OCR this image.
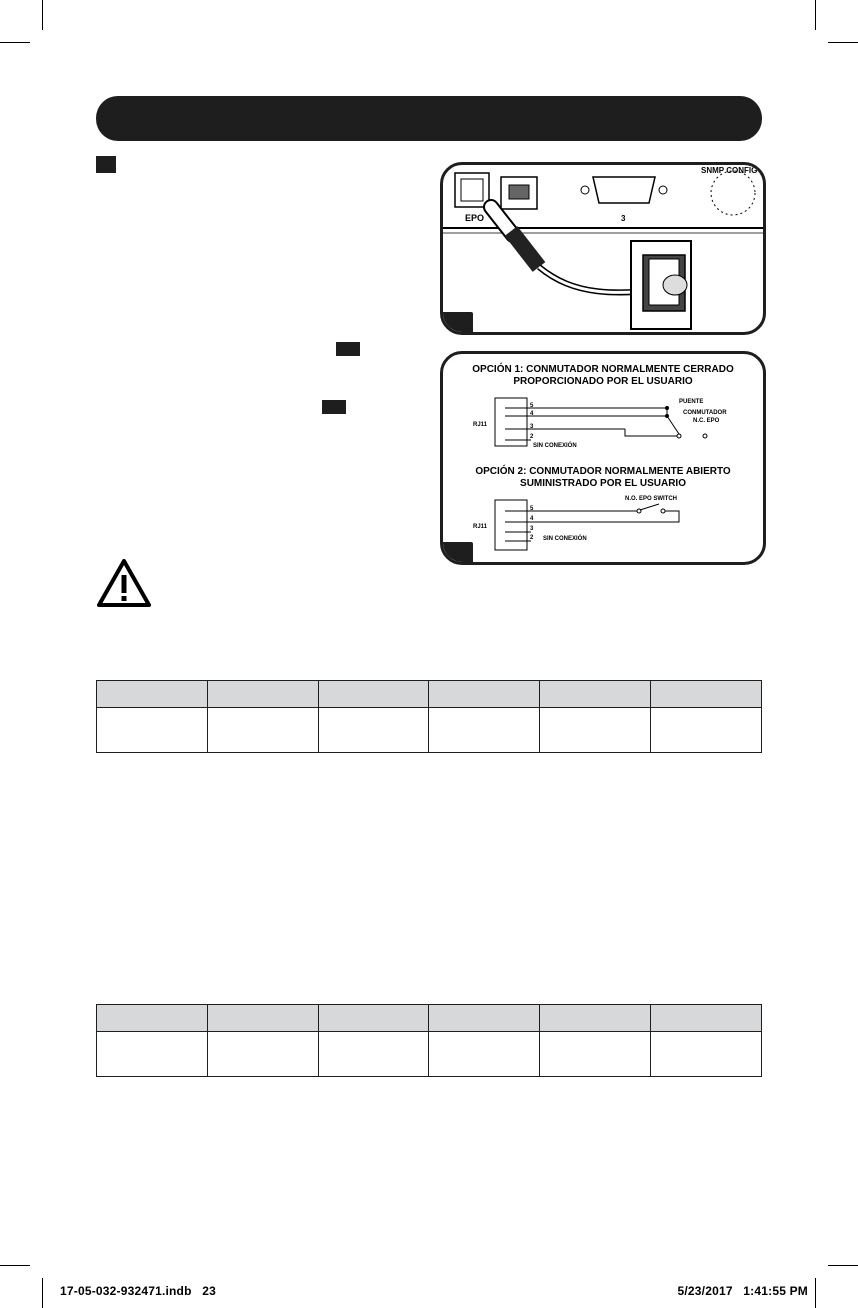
EPO	3
SNMP CONFIG
OPCIÓN 1: CONMUTADOR NORMALMENTE CERRADO
PROPORCIONADO POR EL USUARIO
RJ11
5
4
3
2
PUENTE
CONMUTADOR
N.C. EPO
SIN CONEXIÓN
OPCIÓN 2: CONMUTADOR NORMALMENTE ABIERTO
SUMINISTRADO POR EL USUARIO
RJ11
5
4
3
2
N.O. EPO SWITCH
SIN CONEXIÓN

17-05-032-932471.indb   23	5/23/2017   1:41:55 PM
